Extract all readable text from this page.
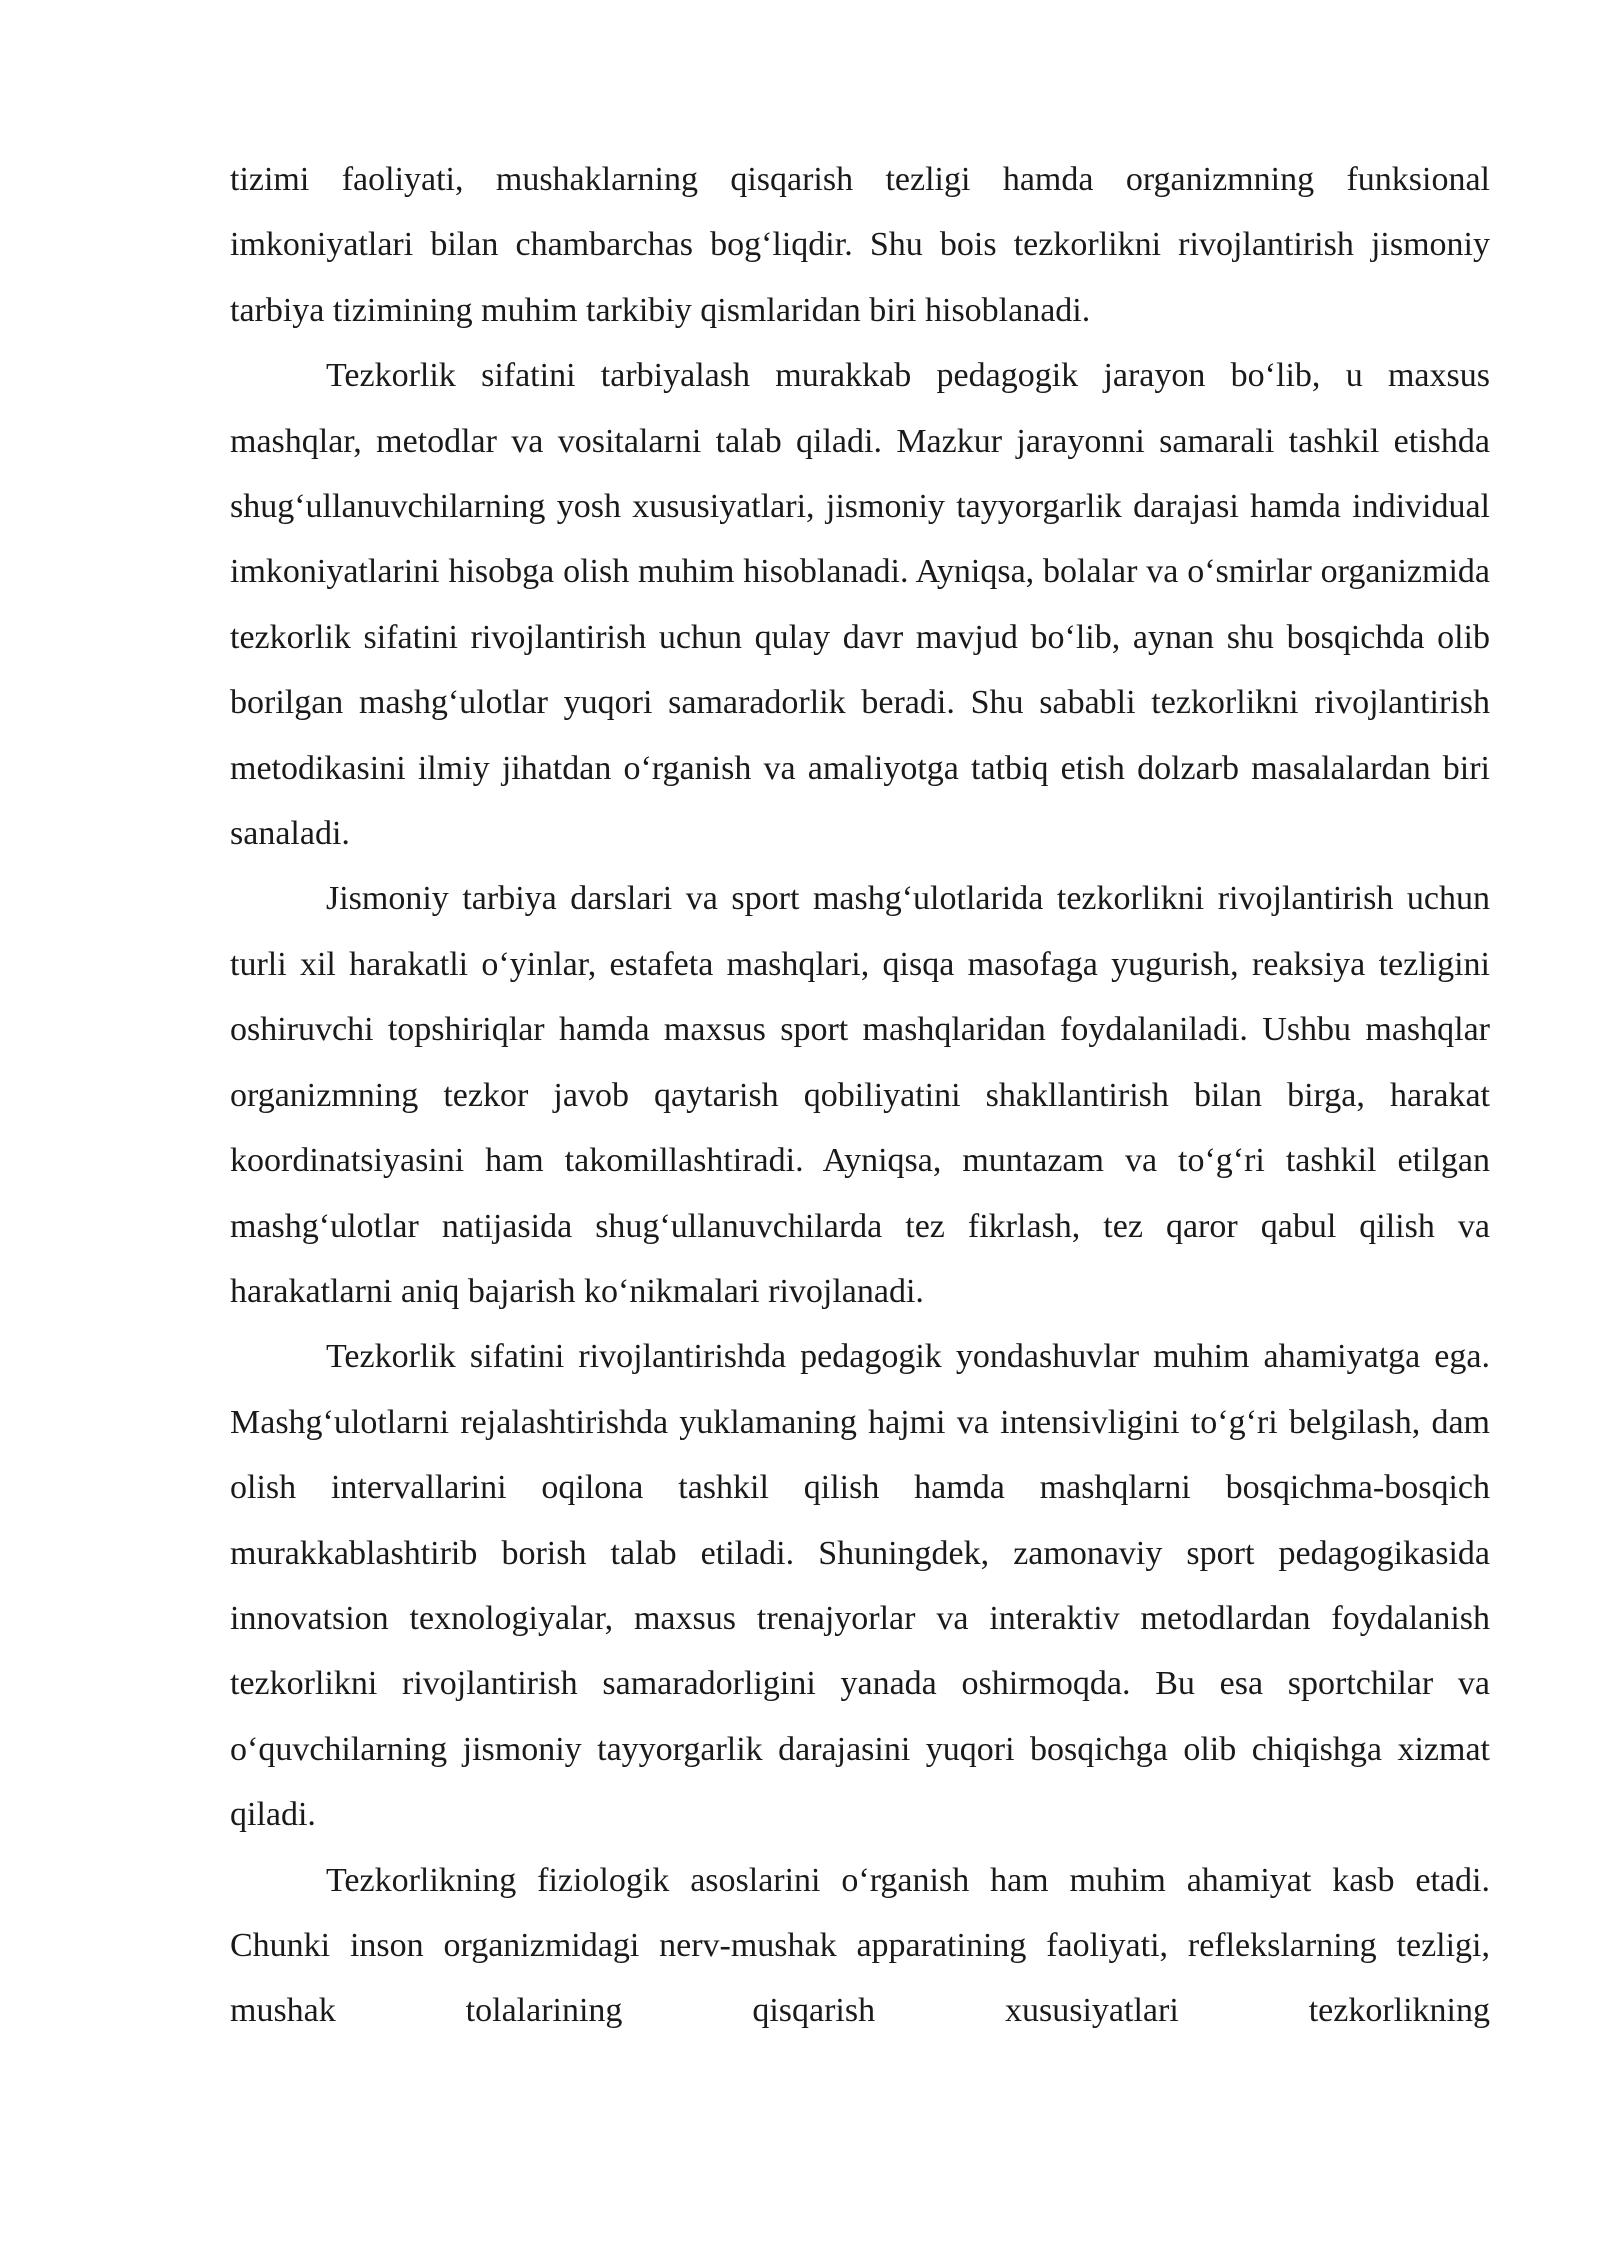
tizimi faoliyati, mushaklarning qisqarish tezligi hamda organizmning funksional imkoniyatlari bilan chambarchas bog‘liqdir. Shu bois tezkorlikni rivojlantirish jismoniy tarbiya tizimining muhim tarkibiy qismlaridan biri hisoblanadi.

Tezkorlik sifatini tarbiyalash murakkab pedagogik jarayon bo‘lib, u maxsus mashqlar, metodlar va vositalarni talab qiladi. Mazkur jarayonni samarali tashkil etishda shug‘ullanuvchilarning yosh xususiyatlari, jismoniy tayyorgarlik darajasi hamda individual imkoniyatlarini hisobga olish muhim hisoblanadi. Ayniqsa, bolalar va o‘smirlar organizmida tezkorlik sifatini rivojlantirish uchun qulay davr mavjud bo‘lib, aynan shu bosqichda olib borilgan mashg‘ulotlar yuqori samaradorlik beradi. Shu sababli tezkorlikni rivojlantirish metodikasini ilmiy jihatdan o‘rganish va amaliyotga tatbiq etish dolzarb masalalardan biri sanaladi.

Jismoniy tarbiya darslari va sport mashg‘ulotlarida tezkorlikni rivojlantirish uchun turli xil harakatli o‘yinlar, estafeta mashqlari, qisqa masofaga yugurish, reaksiya tezligini oshiruvchi topshiriqlar hamda maxsus sport mashqlaridan foydalaniladi. Ushbu mashqlar organizmning tezkor javob qaytarish qobiliyatini shakllantirish bilan birga, harakat koordinatsiyasini ham takomillashtiradi. Ayniqsa, muntazam va to‘g‘ri tashkil etilgan mashg‘ulotlar natijasida shug‘ullanuvchilarda tez fikrlash, tez qaror qabul qilish va harakatlarni aniq bajarish ko‘nikmalari rivojlanadi.

Tezkorlik sifatini rivojlantirishda pedagogik yondashuvlar muhim ahamiyatga ega. Mashg‘ulotlarni rejalashtirishda yuklamaning hajmi va intensivligini to‘g‘ri belgilash, dam olish intervallarini oqilona tashkil qilish hamda mashqlarni bosqichma-bosqich murakkablashtirib borish talab etiladi. Shuningdek, zamonaviy sport pedagogikasida innovatsion texnologiyalar, maxsus trenajyorlar va interaktiv metodlardan foydalanish tezkorlikni rivojlantirish samaradorligini yanada oshirmoqda. Bu esa sportchilar va o‘quvchilarning jismoniy tayyorgarlik darajasini yuqori bosqichga olib chiqishga xizmat qiladi.

Tezkorlikning fiziologik asoslarini o‘rganish ham muhim ahamiyat kasb etadi. Chunki inson organizmidagi nerv-mushak apparatining faoliyati, reflekslarning tezligi, mushak tolalarining qisqarish xususiyatlari tezkorlikning
